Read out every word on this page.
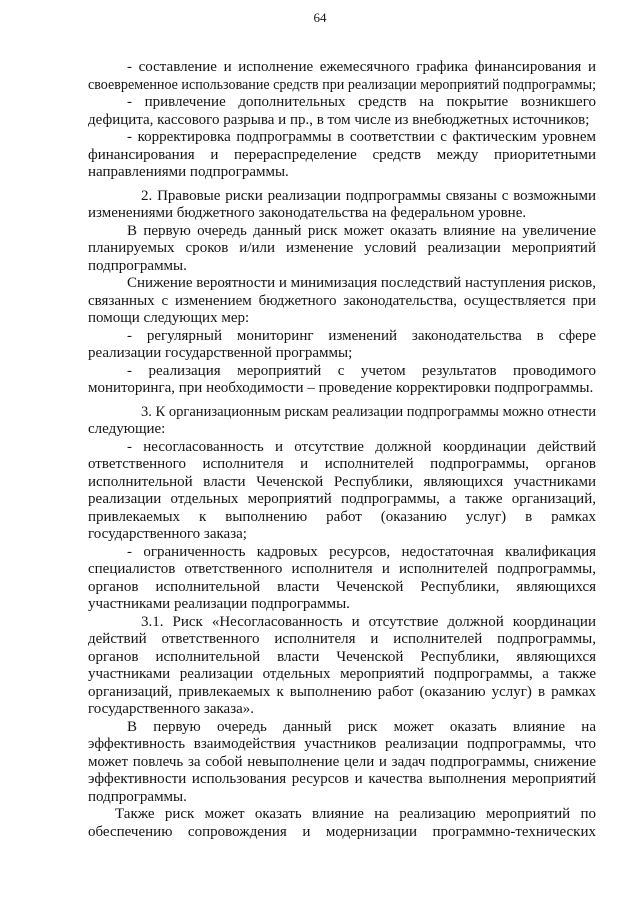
64
- составление и исполнение ежемесячного графика финансирования и
своевременное использование средств при реализации мероприятий подпрограммы;
- привлечение дополнительных средств на покрытие возникшего
дефицита, кассового разрыва и пр., в том числе из внебюджетных источников;
- корректировка подпрограммы в соответствии с фактическим уровнем
финансирования и перераспределение средств между приоритетными
направлениями подпрограммы.
2. Правовые риски реализации подпрограммы связаны с возможными
изменениями бюджетного законодательства на федеральном уровне.
В первую очередь данный риск может оказать влияние на увеличение
планируемых сроков и/или изменение условий реализации мероприятий
подпрограммы.
Снижение вероятности и минимизация последствий наступления рисков,
связанных с изменением бюджетного законодательства, осуществляется при
помощи следующих мер:
- регулярный мониторинг изменений законодательства в сфере
реализации государственной программы;
- реализация мероприятий с учетом результатов проводимого
мониторинга, при необходимости – проведение корректировки подпрограммы.
3. К организационным рискам реализации подпрограммы можно отнести
следующие:
- несогласованность и отсутствие должной координации действий
ответственного исполнителя и исполнителей подпрограммы, органов
исполнительной власти Чеченской Республики, являющихся участниками
реализации отдельных мероприятий подпрограммы, а также организаций,
привлекаемых к выполнению работ (оказанию услуг) в рамках
государственного заказа;
- ограниченность кадровых ресурсов, недостаточная квалификация
специалистов ответственного исполнителя и исполнителей подпрограммы,
органов исполнительной власти Чеченской Республики, являющихся
участниками реализации подпрограммы.
3.1. Риск «Несогласованность и отсутствие должной координации
действий ответственного исполнителя и исполнителей подпрограммы,
органов исполнительной власти Чеченской Республики, являющихся
участниками реализации отдельных мероприятий подпрограммы, а также
организаций, привлекаемых к выполнению работ (оказанию услуг) в рамках
государственного заказа».
В первую очередь данный риск может оказать влияние на
эффективность взаимодействия участников реализации подпрограммы, что
может повлечь за собой невыполнение цели и задач подпрограммы, снижение
эффективности использования ресурсов и качества выполнения мероприятий
подпрограммы.
Также риск может оказать влияние на реализацию мероприятий по
обеспечению сопровождения и модернизации программно-технических
